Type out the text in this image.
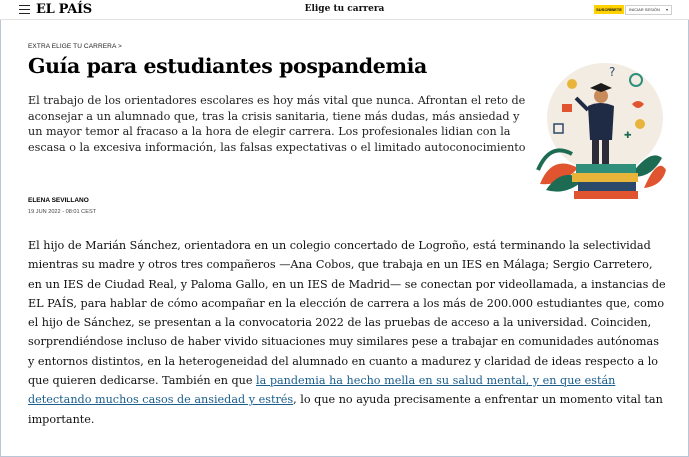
EL PAÍS	Elige tu carrera	SUSCRÍBETE	INICIAR SESIÓN ▾
EXTRA ELIGE TU CARRERA >
Guía para estudiantes pospandemia

El trabajo de los orientadores escolares es hoy más vital que nunca. Afrontan el reto de aconsejar a un alumnado que, tras la crisis sanitaria, tiene más dudas, más ansiedad y un mayor temor al fracaso a la hora de elegir carrera. Los profesionales lidian con la escasa o la excesiva información, las falsas expectativas o el limitado autoconocimiento

?
✚
ELENA SEVILLANO
19 JUN 2022 - 08:01 CEST

El hijo de Marián Sánchez, orientadora en un colegio concertado de Logroño, está terminando la selectividad mientras su madre y otros tres compañeros —Ana Cobos, que trabaja en un IES en Málaga; Sergio Carretero, en un IES de Ciudad Real, y Paloma Gallo, en un IES de Madrid— se conectan por videollamada, a instancias de EL PAÍS, para hablar de cómo acompañar en la elección de carrera a los más de 200.000 estudiantes que, como el hijo de Sánchez, se presentan a la convocatoria 2022 de las pruebas de acceso a la universidad. Coinciden, sorprendiéndose incluso de haber vivido situaciones muy similares pese a trabajar en comunidades autónomas y entornos distintos, en la heterogeneidad del alumnado en cuanto a madurez y claridad de ideas respecto a lo que quieren dedicarse. También en que la pandemia ha hecho mella en su salud mental, y en que están detectando muchos casos de ansiedad y estrés, lo que no ayuda precisamente a enfrentar un momento vital tan importante.
